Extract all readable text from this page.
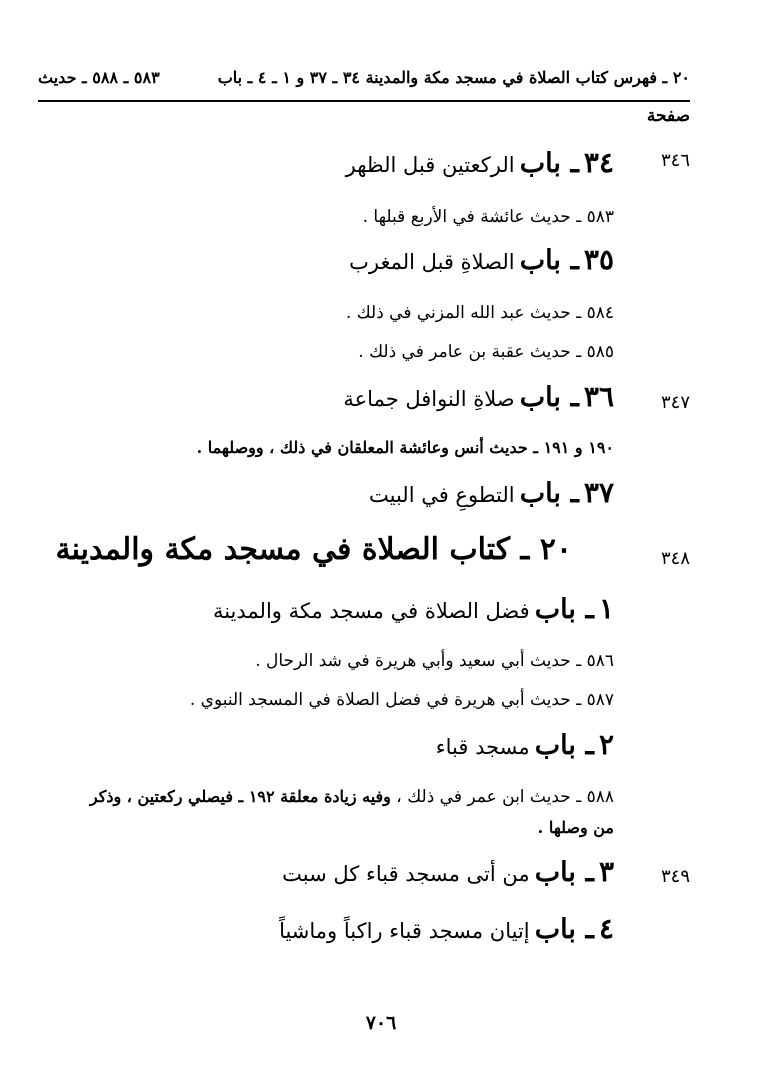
٢٠ ـ فهرس كتاب الصلاة في مسجد مكة والمدينة ٣٤ ـ ٣٧ و ١ ـ ٤ ـ باب
٥٨٣ ـ ٥٨٨ ـ حديث
صفحة
٣٤٦
٣٤ ـ باب الركعتين قبل الظهر
٥٨٣ ـ حديث عائشة في الأربع قبلها .
٣٥ ـ باب الصلاةِ قبل المغرب
٥٨٤ ـ حديث عبد الله المزني في ذلك .
٥٨٥ ـ حديث عقبة بن عامر في ذلك .
٣٤٧
٣٦ ـ باب صلاةِ النوافل جماعة
١٩٠ و ١٩١ ـ حديث أنس وعائشة المعلقان في ذلك ، ووصلهما .
٣٧ ـ باب التطوعِ في البيت
٣٤٨
٢٠ ـ كتاب الصلاة في مسجد مكة والمدينة
١ ـ باب فضل الصلاة في مسجد مكة والمدينة
٥٨٦ ـ حديث أبي سعيد وأبي هريرة في شد الرحال .
٥٨٧ ـ حديث أبي هريرة في فضل الصلاة في المسجد النبوي .
٢ ـ باب مسجد قباء
٥٨٨ ـ حديث ابن عمر في ذلك ، وفيه زيادة معلقة ١٩٢ ـ فيصلي ركعتين ، وذكر
من وصلها .
٣٤٩
٣ ـ باب من أتى مسجد قباء كل سبت
٤ ـ باب إتيان مسجد قباء راكباً وماشياً
٧٠٦
